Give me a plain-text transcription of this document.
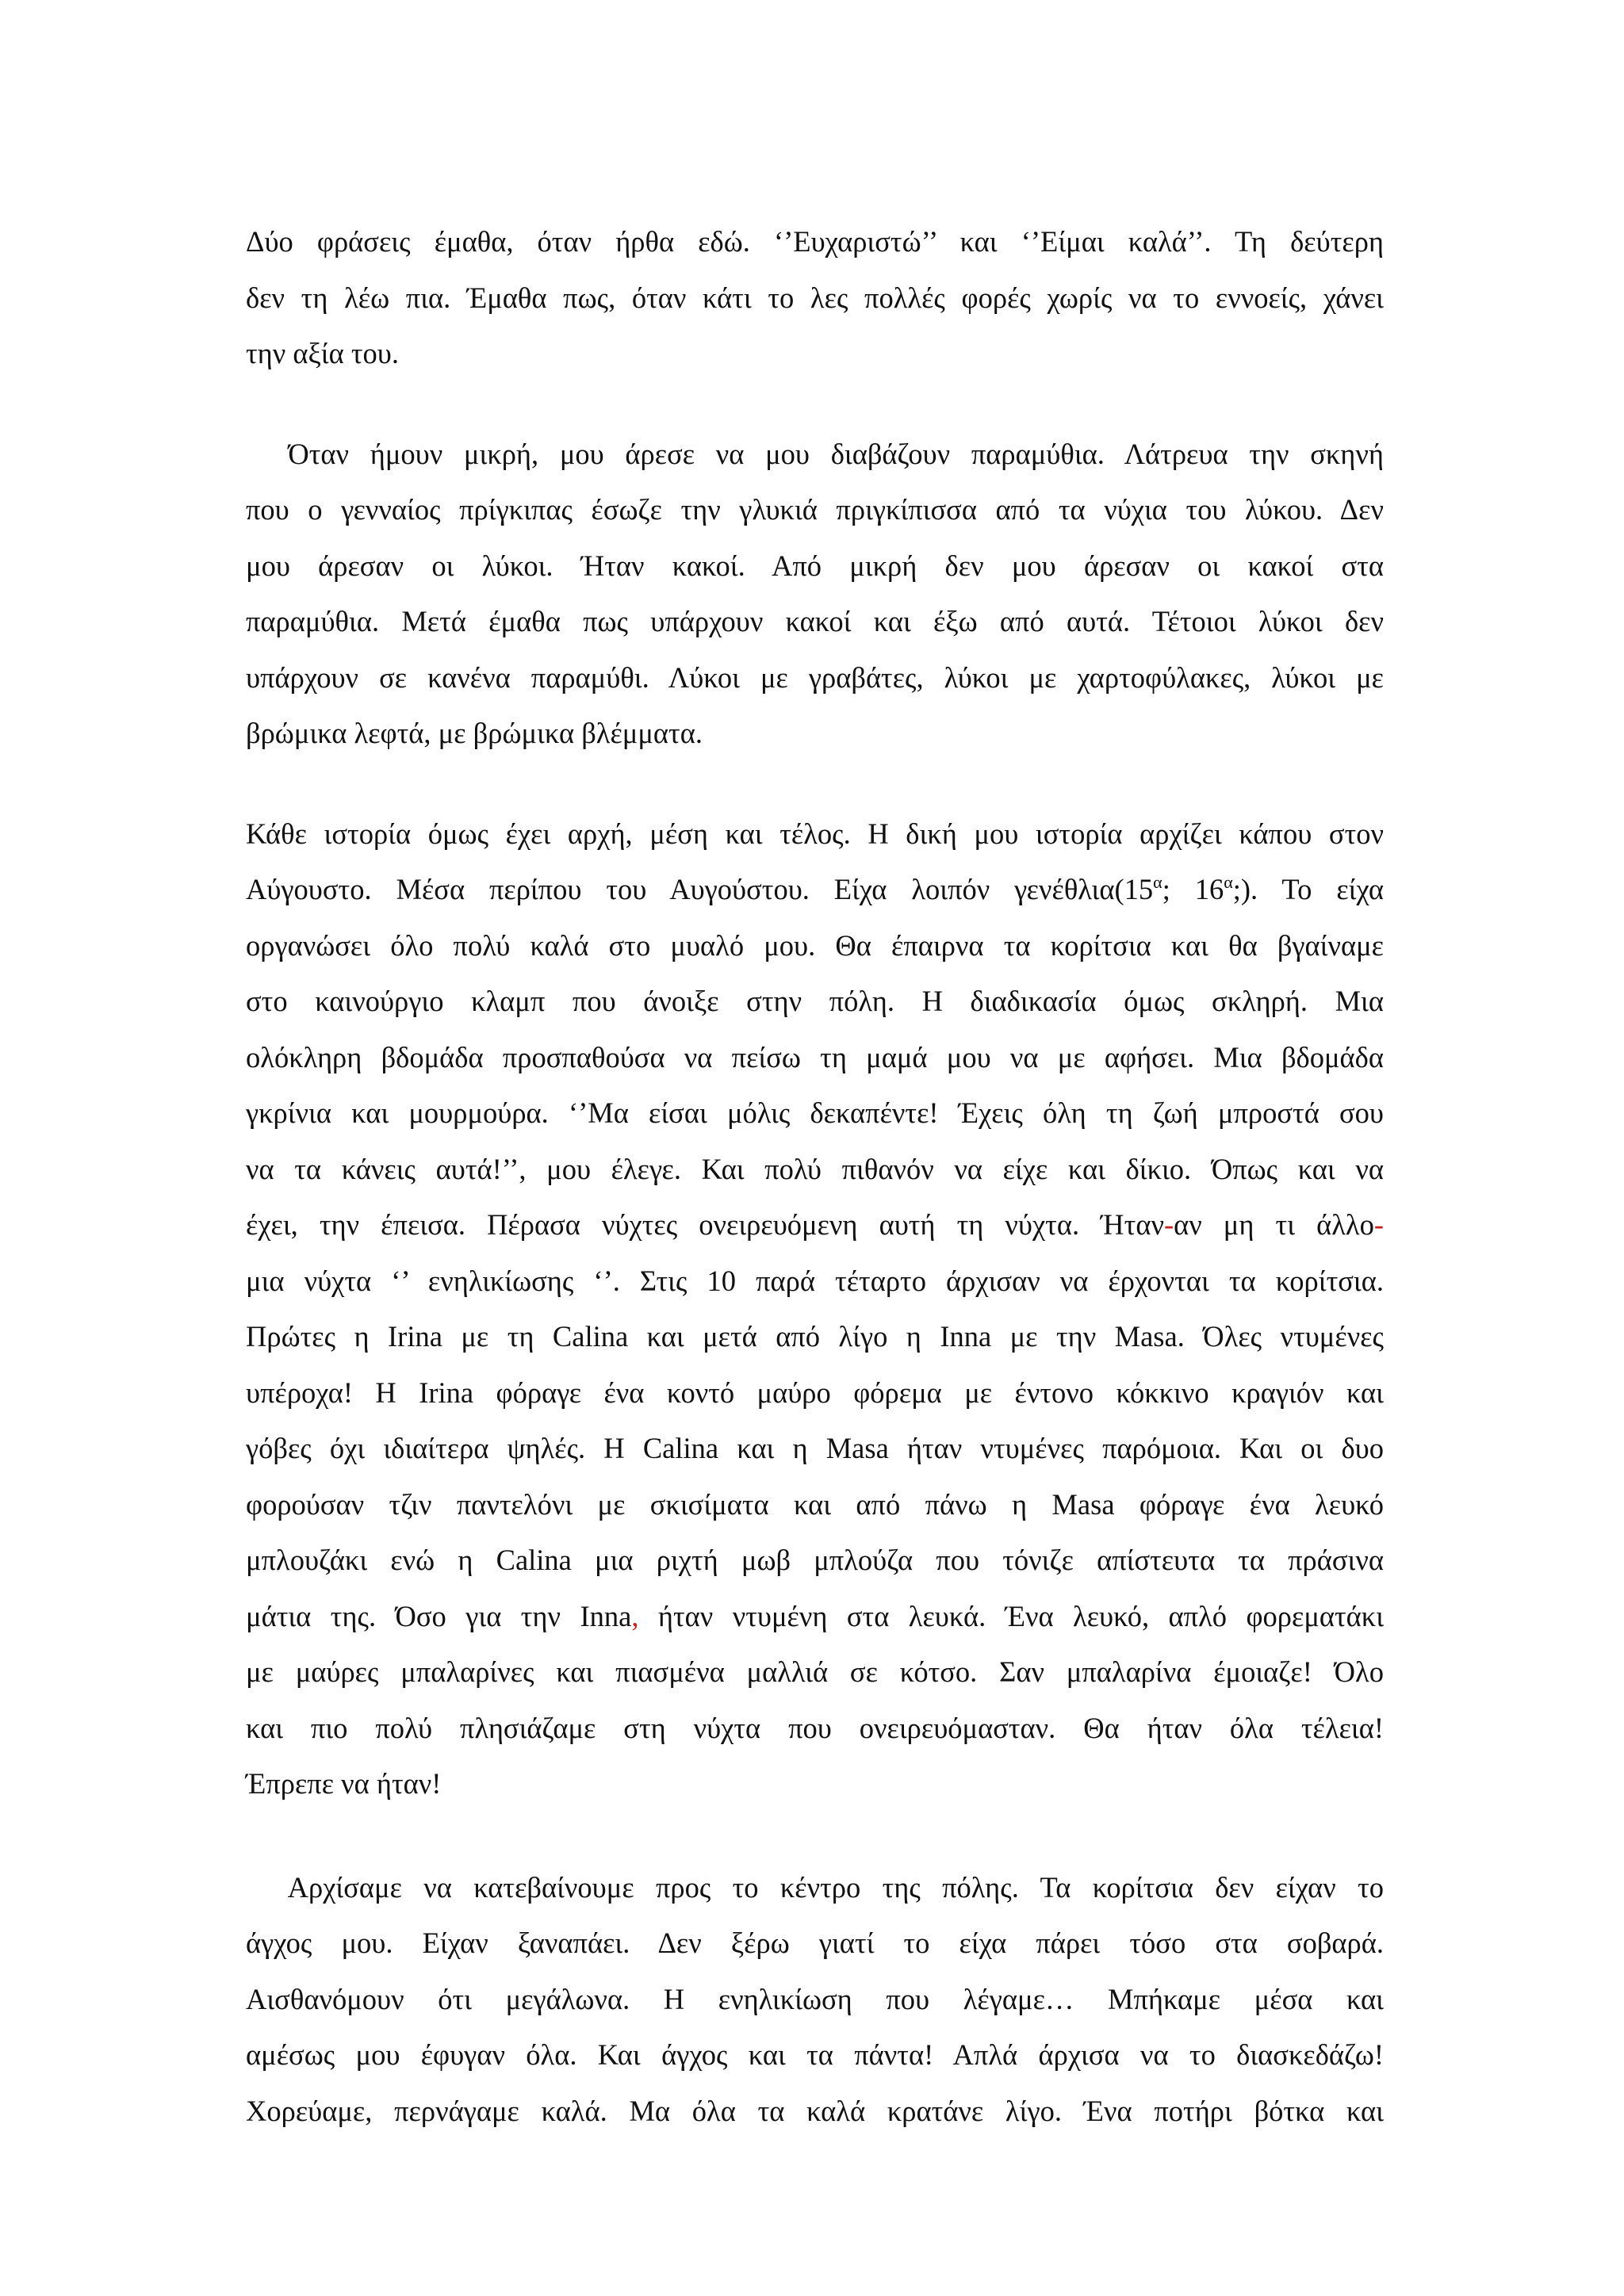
Δύο φράσεις έμαθα, όταν ήρθα εδώ. ‘’Ευχαριστώ’’ και ‘’Είμαι καλά’’. Τη δεύτερη
δεν τη λέω πια. Έμαθα πως, όταν κάτι το λες πολλές φορές χωρίς να το εννοείς, χάνει
την αξία του.
Όταν ήμουν μικρή, μου άρεσε να μου διαβάζουν παραμύθια. Λάτρευα την σκηνή
που ο γενναίος πρίγκιπας έσωζε την γλυκιά πριγκίπισσα από τα νύχια του λύκου. Δεν
μου άρεσαν οι λύκοι. Ήταν κακοί. Από μικρή δεν μου άρεσαν οι κακοί στα
παραμύθια. Μετά έμαθα πως υπάρχουν κακοί και έξω από αυτά. Τέτοιοι λύκοι δεν
υπάρχουν σε κανένα παραμύθι. Λύκοι με γραβάτες, λύκοι με χαρτοφύλακες, λύκοι με
βρώμικα λεφτά, με βρώμικα βλέμματα.
Κάθε ιστορία όμως έχει αρχή, μέση και τέλος. Η δική μου ιστορία αρχίζει κάπου στον
Αύγουστο. Μέσα περίπου του Αυγούστου. Είχα λοιπόν $\gamma\varepsilon\nu έ\theta\lambda\iota\alpha(15^\alpha$; $16^\alpha$;). Το είχα
οργανώσει όλο πολύ καλά στο μυαλό μου. Θα έπαιρνα τα κορίτσια και θα βγαίναμε
στο καινούργιο κλαμπ που άνοιξε στην πόλη. Η διαδικασία όμως σκληρή. Μια
ολόκληρη βδομάδα προσπαθούσα να πείσω τη μαμά μου να με αφήσει. Μια βδομάδα
γκρίνια και μουρμούρα. ‘’Μα είσαι μόλις δεκαπέντε! Έχεις όλη τη ζωή μπροστά σου
να τα κάνεις αυτά!’’, μου έλεγε. Και πολύ πιθανόν να είχε και δίκιο. Όπως και να
έχει, την έπεισα. Πέρασα νύχτες ονειρευόμενη αυτή τη νύχτα. Ήταν-αν μη τι άλλο-
μια νύχτα ‘’ ενηλικίωσης ‘’. Στις 10 παρά τέταρτο άρχισαν να έρχονται τα κορίτσια.
Πρώτες η Irina με τη Calina και μετά από λίγο η Inna με την Masa. Όλες ντυμένες
υπέροχα! Η Irina φόραγε ένα κοντό μαύρο φόρεμα με έντονο κόκκινο κραγιόν και
γόβες όχι ιδιαίτερα ψηλές. Η Calina και η Masa ήταν ντυμένες παρόμοια. Και οι δυο
φορούσαν τζιν παντελόνι με σκισίματα και από πάνω η Masa φόραγε ένα λευκό
μπλουζάκι ενώ η Calina μια ριχτή μωβ μπλούζα που τόνιζε απίστευτα τα πράσινα
μάτια της. Όσο για την Inna, ήταν ντυμένη στα λευκά. Ένα λευκό, απλό φορεματάκι
με μαύρες μπαλαρίνες και πιασμένα μαλλιά σε κότσο. Σαν μπαλαρίνα έμοιαζε! Όλο
και πιο πολύ πλησιάζαμε στη νύχτα που ονειρευόμασταν. Θα ήταν όλα τέλεια!
Έπρεπε να ήταν!
Αρχίσαμε να κατεβαίνουμε προς το κέντρο της πόλης. Τα κορίτσια δεν είχαν το
άγχος μου. Είχαν ξαναπάει. Δεν ξέρω γιατί το είχα πάρει τόσο στα σοβαρά.
Αισθανόμουν ότι μεγάλωνα. Η ενηλικίωση που λέγαμε… Μπήκαμε μέσα και
αμέσως μου έφυγαν όλα. Και άγχος και τα πάντα! Απλά άρχισα να το διασκεδάζω!
Χορεύαμε, περνάγαμε καλά. Μα όλα τα καλά κρατάνε λίγο. Ένα ποτήρι βότκα και
